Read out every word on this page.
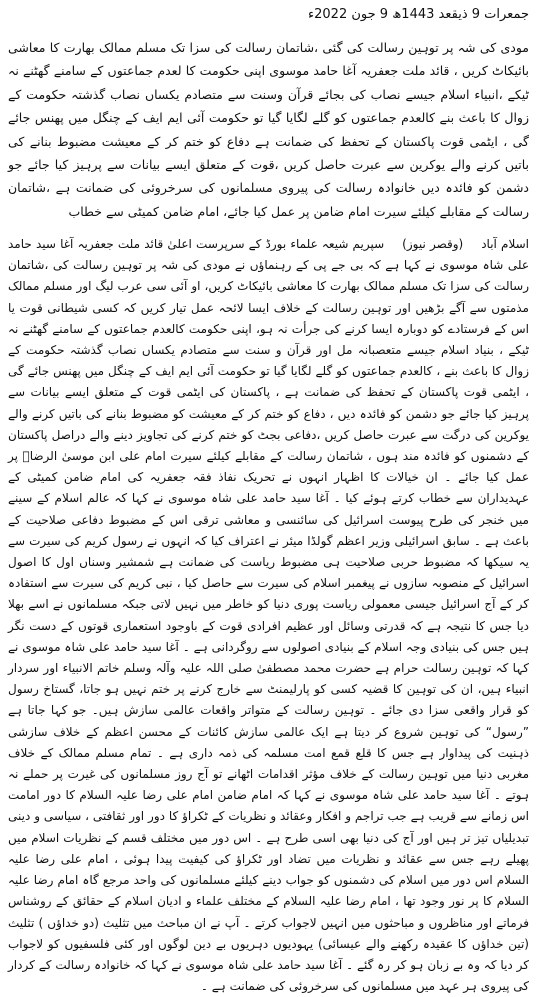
جمعرات 9 ذیقعد 1443ھ 9 جون 2022ء
مودی کی شہ پر توہین رسالت کی گئی ،شاتمان رسالت کی سزا تک مسلم ممالک بھارت کا معاشی بائیکاٹ کریں ، قائد ملت جعفریہ آغا حامد موسوی اپنی حکومت کا لعدم جماعتوں کے سامنے گھٹنے نہ ٹیکے ،انبیاء اسلام جیسے نصاب کی بجائے قرآن وسنت سے متصادم یکساں نصاب گذشتہ حکومت کے زوال کا باعث بنے کالعدم جماعتوں کو گلے لگایا گیا تو حکومت آئی ایم ایف کے چنگل میں پھنس جائے گی ، ایٹمی قوت پاکستان کے تحفظ کی ضمانت ہے دفاع کو ختم کر کے معیشت مضبوط بنانے کی باتیں کرنے والے یوکرین سے عبرت حاصل کریں ،قوت کے متعلق ایسے بیانات سے پرہیز کیا جائے جو دشمن کو فائدہ دیں خانوادہ رسالت کی پیروی مسلمانوں کی سرخروئی کی ضمانت ہے ،شاتمان رسالت کے مقابلے کیلئے سیرت امام ضامن پر عمل کیا جائے، امام ضامن کمیٹی سے خطاب
اسلام آباد(وقصر نیوز)سپریم شیعہ علماء بورڈ کے سرپرست اعلیٰ قائد ملت جعفریہ آغا سید حامد علی شاہ موسوی نے کہا ہے کہ بی جے پی کے رہنماؤں نے مودی کی شہ پر توہین رسالت کی ،شاتمان رسالت کی سزا تک مسلم ممالک بھارت کا معاشی بائیکاٹ کریں، او آئی سی عرب لیگ اور مسلم ممالک مذمتوں سے آگے بڑھیں اور توہین رسالت کے خلاف ایسا لائحہ عمل تیار کریں کہ کسی شیطانی قوت یا اس کے فرستادے کو دوبارہ ایسا کرنے کی جرأت نہ ہو، اپنی حکومت کالعدم جماعتوں کے سامنے گھٹنے نہ ٹیکے ، بنیاد اسلام جیسے متعصبانہ مل اور قرآن و سنت سے متصادم یکساں نصاب گذشتہ حکومت کے زوال کا باعث بنے ، کالعدم جماعتوں کو گلے لگایا گیا تو حکومت آئی ایم ایف کے چنگل میں پھنس جائے گی ، ایٹمی قوت پاکستان کے تحفظ کی ضمانت ہے ، پاکستان کی ایٹمی قوت کے متعلق ایسے بیانات سے پرہیز کیا جائے جو دشمن کو فائدہ دیں ، دفاع کو ختم کر کے معیشت کو مضبوط بنانے کی باتیں کرنے والے یوکرین کی درگت سے عبرت حاصل کریں ،دفاعی بجٹ کو ختم کرنے کی تجاویز دینے والے دراصل پاکستان کے دشمنوں کو فائدہ مند ہوں ، شاتمان رسالت کے مقابلے کیلئے سیرت امام علی ابن موسیٰ الرضاؑ پر عمل کیا جائے ۔ ان خیالات کا اظہار انہوں نے تحریک نفاذ فقہ جعفریہ کی امام ضامن کمیٹی کے عہدیداران سے خطاب کرتے ہوئے کیا ۔ آغا سید حامد علی شاہ موسوی نے کہا کہ عالم اسلام کے سینے میں خنجر کی طرح پیوست اسرائیل کی سائنسی و معاشی ترقی اس کے مضبوط دفاعی صلاحیت کے باعث ہے ۔ سابق اسرائیلی وزیر اعظم گولڈا میئر نے اعتراف کیا کہ انہوں نے رسول کریم کی سیرت سے یہ سیکھا کہ مضبوط حربی صلاحیت ہی مضبوط ریاست کی ضمانت ہے شمشیر وسناں اول کا اصول اسرائیل کے منصوبہ سازوں نے پیغمبر اسلام کی سیرت سے حاصل کیا ، نبی کریم کی سیرت سے استفادہ کر کے آج اسرائیل جیسی معمولی ریاست پوری دنیا کو خاطر میں نہیں لاتی جبکہ مسلمانوں نے اسے بھلا دیا جس کا نتیجہ ہے کہ قدرتی وسائل اور عظیم افرادی قوت کے باوجود استعماری قوتوں کے دست نگر ہیں جس کی بنیادی وجہ اسلام کے بنیادی اصولوں سے روگردانی ہے ۔ آغا سید حامد علی شاہ موسوی نے کہا کہ توہین رسالت حرام ہے حضرت محمد مصطفیٰ صلی اللہ علیہ وآلہ وسلم خاتم الانبیاء اور سردار انبیاء ہیں، ان کی توہین کا قضیہ کسی کو پارلیمنٹ سے خارج کرنے پر ختم نہیں ہو جاتا، گستاخ رسول کو قرار واقعی سزا دی جائے ۔ توہین رسالت کے متواتر واقعات عالمی سازش ہیں۔ جو کہا جاتا ہے ”رسول“ کی توہین شروع کر دیتا ہے ایک عالمی سازش کائنات کے محسن اعظم کے خلاف سازشی ذہنیت کی پیداوار ہے جس کا قلع قمع امت مسلمہ کی ذمہ داری ہے ۔ تمام مسلم ممالک کے خلاف مغربی دنیا میں توہین رسالت کے خلاف مؤثر اقدامات اٹھانے تو آج روز مسلمانوں کی غیرت پر حملے نہ ہوتے ۔ آغا سید حامد علی شاہ موسوی نے کہا کہ امام ضامن امام علی رضا علیہ السلام کا دور امامت اس زمانے سے قریب ہے جب تراجم و افکار وعقائد و نظریات کے ٹکراؤ کا دور اور ثقافتی ، سیاسی و دینی تبدیلیاں تیز تر ہیں اور آج کی دنیا بھی اسی طرح ہے ۔ اس دور میں مختلف قسم کے نظریات اسلام میں پھیلے رہے جس سے عقائد و نظریات میں تضاد اور ٹکراؤ کی کیفیت پیدا ہوئی ، امام علی رضا علیہ السلام اس دور میں اسلام کی دشمنوں کو جواب دینے کیلئے مسلمانوں کی واحد مرجع گاہ امام رضا علیہ السلام کا پر نور وجود تھا ، امام رضا علیہ السلام کے مختلف علماء و ادیان اسلام کے حقائق کے روشناس فرماتے اور مناظروں و مباحثوں میں انہیں لاجواب کرتے ۔ آپ نے ان مباحث میں تثلیث (دو خداؤں ) تثلیث (تین خداؤں کا عقیدہ رکھنے والے عیسائی) یہودیوں دہریوں بے دین لوگوں اور کئی فلسفیوں کو لاجواب کر دیا کہ وہ بے زبان ہو کر رہ گئے ۔ آغا سید حامد علی شاہ موسوی نے کہا کہ خانوادہ رسالت کے کردار کی پیروی ہر عہد میں مسلمانوں کی سرخروئی کی ضمانت ہے ۔
